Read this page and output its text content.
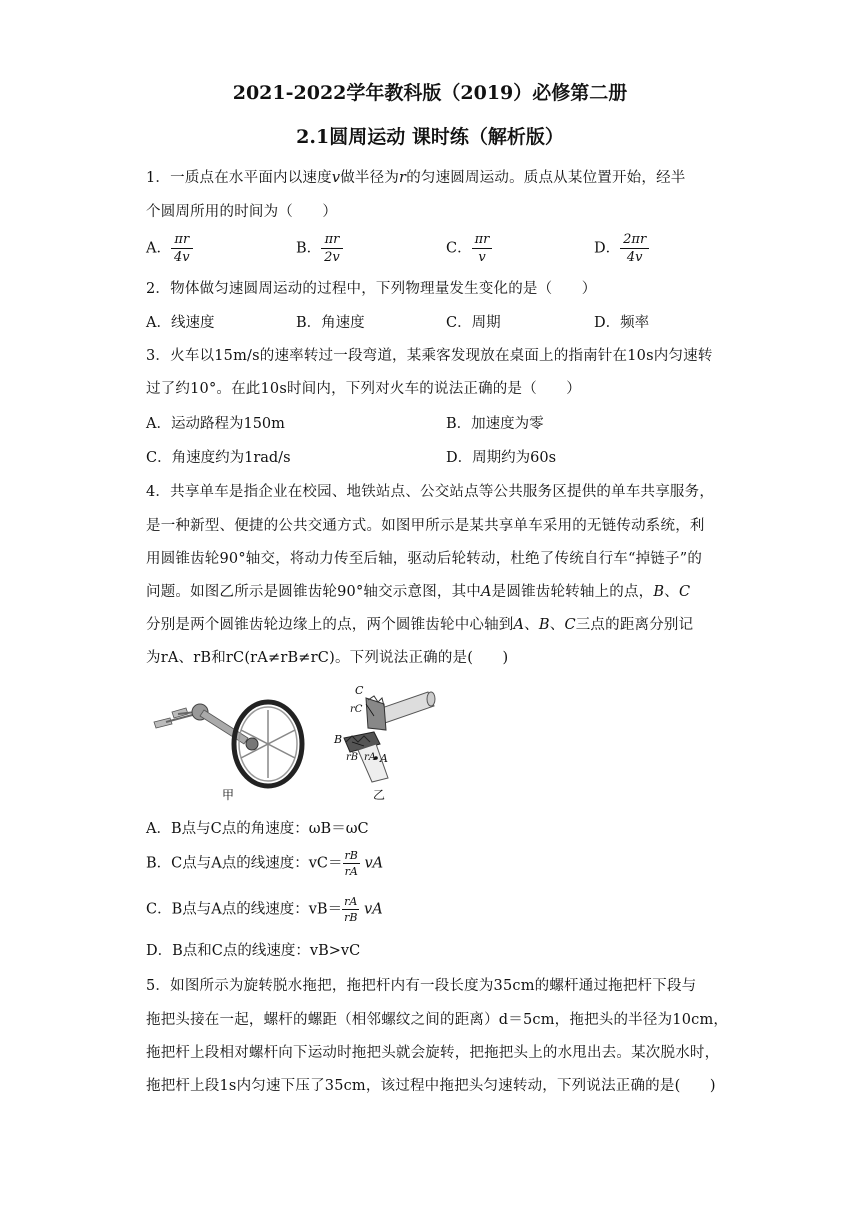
2021-2022学年教科版（2019）必修第二册
2.1圆周运动 课时练（解析版）
1．一质点在水平面内以速度v做半径为r的匀速圆周运动。质点从某位置开始，经半
个圆周所用的时间为（　　）
A． $\frac{\pi r}{4v}$	B． $\frac{\pi r}{2v}$	C． $\frac{\pi r}{v}$	D． $\frac{2\pi r}{4v}$
2．物体做匀速圆周运动的过程中，下列物理量发生变化的是（　　）
A．线速度	B．角速度	C．周期	D．频率
3．火车以15m/s的速率转过一段弯道，某乘客发现放在桌面上的指南针在10s内匀速转
过了约10°。在此10s时间内，下列对火车的说法正确的是（　　）
A．运动路程为150m	B．加速度为零
C．角速度约为1rad/s	D．周期约为60s
4．共享单车是指企业在校园、地铁站点、公交站点等公共服务区提供的单车共享服务，
是一种新型、便捷的公共交通方式。如图甲所示是某共享单车采用的无链传动系统，利
用圆锥齿轮90°轴交，将动力传至后轴，驱动后轮转动，杜绝了传统自行车“掉链子”的
问题。如图乙所示是圆锥齿轮90°轴交示意图，其中A是圆锥齿轮转轴上的点，B、C
分别是两个圆锥齿轮边缘上的点，两个圆锥齿轮中心轴到A、B、C三点的距离分别记
为rA、rB和rC(rA≠rB≠rC)。下列说法正确的是(　　)
甲
C
rC
B
rB rA A
乙
A．B点与C点的角速度：ωB＝ωC
B．C点与A点的线速度：$vC= \frac{rB}{rA}$ vA
C．B点与A点的线速度：$vB= \frac{rA}{rB}$ vA
D．B点和C点的线速度：vB>vC
5．如图所示为旋转脱水拖把，拖把杆内有一段长度为35cm的螺杆通过拖把杆下段与
拖把头接在一起，螺杆的螺距（相邻螺纹之间的距离）d＝5cm，拖把头的半径为10cm，
拖把杆上段相对螺杆向下运动时拖把头就会旋转，把拖把头上的水甩出去。某次脱水时，
拖把杆上段1s内匀速下压了35cm，该过程中拖把头匀速转动，下列说法正确的是(　　)
